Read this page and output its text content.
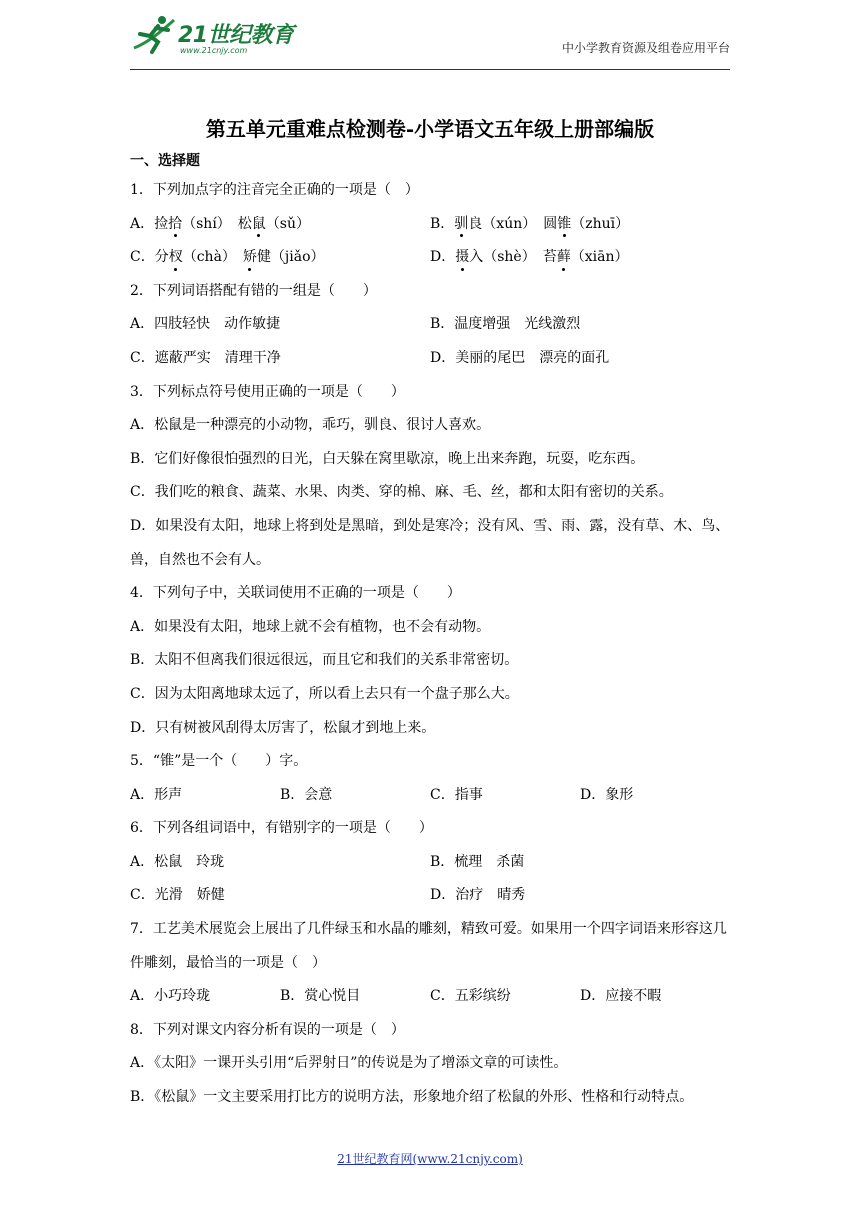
21世纪教育
www.21cnjy.com	中小学教育资源及组卷应用平台
第五单元重难点检测卷-小学语文五年级上册部编版
一、选择题
1．下列加点字的注音完全正确的一项是（　）
A．捡拾（shí）　松鼠（sǔ）	B．驯良（xún）　圆锥（zhuī）
C．分杈（chà）　矫健（jiǎo）	D．摄入（shè）　苔藓（xiān）
2．下列词语搭配有错的一组是（　　）
A．四肢轻快　动作敏捷	B．温度增强　光线激烈
C．遮蔽严实　清理干净	D．美丽的尾巴　漂亮的面孔
3．下列标点符号使用正确的一项是（　　）
A．松鼠是一种漂亮的小动物，乖巧，驯良、很讨人喜欢。
B．它们好像很怕强烈的日光，白天躲在窝里歇凉，晚上出来奔跑，玩耍，吃东西。
C．我们吃的粮食、蔬菜、水果、肉类、穿的棉、麻、毛、丝，都和太阳有密切的关系。
D．如果没有太阳，地球上将到处是黑暗，到处是寒冷；没有风、雪、雨、露，没有草、木、鸟、兽，自然也不会有人。
4．下列句子中，关联词使用不正确的一项是（　　）
A．如果没有太阳，地球上就不会有植物，也不会有动物。
B．太阳不但离我们很远很远，而且它和我们的关系非常密切。
C．因为太阳离地球太远了，所以看上去只有一个盘子那么大。
D．只有树被风刮得太厉害了，松鼠才到地上来。
5．“锥”是一个（　　）字。
A．形声	B．会意	C．指事	D．象形
6．下列各组词语中，有错别字的一项是（　　）
A．松鼠　玲珑	B．梳理　杀菌
C．光滑　娇健	D．治疗　晴秀
7．工艺美术展览会上展出了几件绿玉和水晶的雕刻，精致可爱。如果用一个四字词语来形容这几件雕刻，最恰当的一项是（　）
A．小巧玲珑	B．赏心悦目	C．五彩缤纷	D．应接不暇
8．下列对课文内容分析有误的一项是（　）
A．《太阳》一课开头引用“后羿射日”的传说是为了增添文章的可读性。
B．《松鼠》一文主要采用打比方的说明方法，形象地介绍了松鼠的外形、性格和行动特点。
21世纪教育网(www.21cnjy.com)
